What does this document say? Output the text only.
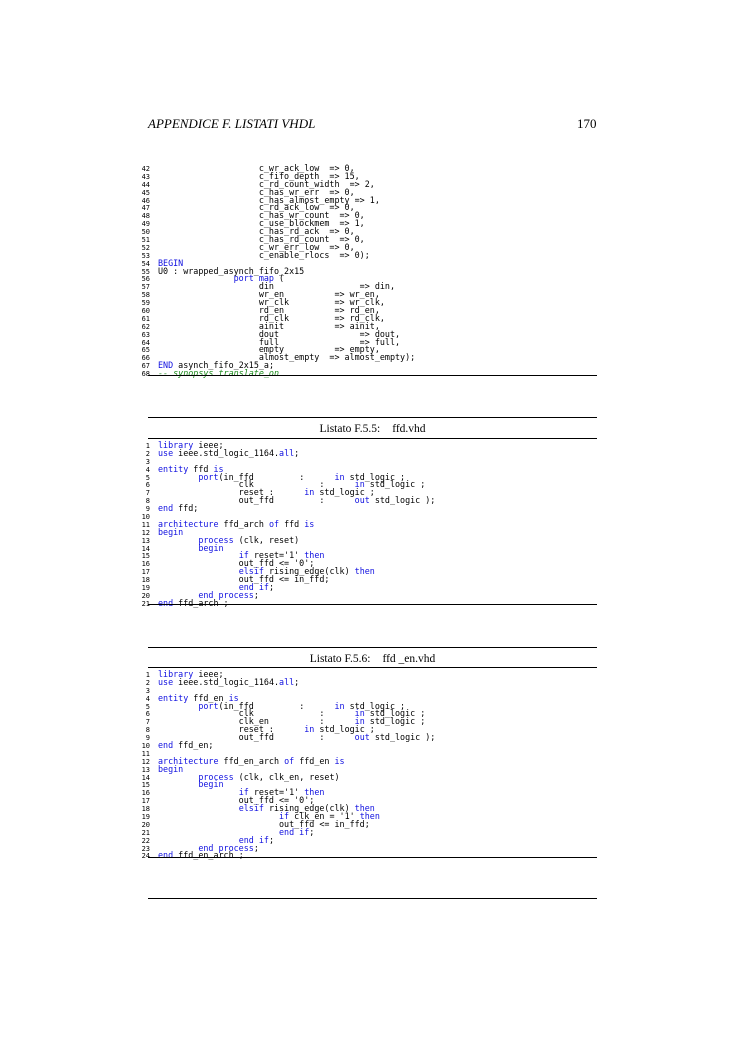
APPENDICE F. LISTATI VHDL	170
42                    c_wr_ack_low  => 0,
43                    c_fifo_depth  => 15,
44                    c_rd_count_width  => 2,
45                    c_has_wr_err  => 0,
46                    c_has_almost_empty => 1,
47                    c_rd_ack_low  => 0,
48                    c_has_wr_count  => 0,
49                    c_use_blockmem  => 1,
50                    c_has_rd_ack  => 0,
51                    c_has_rd_count  => 0,
52                    c_wr_err_low  => 0,
53                    c_enable_rlocs  => 0);
54 BEGIN
55 U0 : wrapped_asynch_fifo_2x15
56	port map (
57                    din                 => din,
58                    wr_en          => wr_en,
59                    wr_clk         => wr_clk,
60                    rd_en          => rd_en,
61                    rd_clk         => rd_clk,
62                    ainit          => ainit,
63                    dout                => dout,
64                    full                => full,
65                    empty          => empty,
66                    almost_empty  => almost_empty);
67 END asynch_fifo_2x15_a;
68 -- synopsys translate_on
Listato F.5.5: ffd.vhd
1 library ieee;
2 use ieee.std_logic_1164.all;
3
4 entity ffd is
5	port(in_ffd         :      in std_logic ;
6                clk             :      in std_logic ;
7                reset :      in std_logic ;
8                out_ffd         :      out std_logic );
9 end ffd;
10
11 architecture ffd_arch of ffd is
12 begin
13	process (clk, reset)
14	begin
15	if reset='1' then
16                out_ffd <= '0';
17	elsif rising_edge(clk) then
18                out_ffd <= in_ffd;
19	end if;
20	end process;
21 end ffd_arch ;
Listato F.5.6: ffd _en.vhd
1 library ieee;
2 use ieee.std_logic_1164.all;
3
4 entity ffd_en is
5	port(in_ffd         :      in std_logic ;
6                clk             :      in std_logic ;
7                clk_en          :      in std_logic ;
8                reset :      in std_logic ;
9                out_ffd         :      out std_logic );
10 end ffd_en;
11
12 architecture ffd_en_arch of ffd_en is
13 begin
14	process (clk, clk_en, reset)
15	begin
16	if reset='1' then
17                out_ffd <= '0';
18	elsif rising_edge(clk) then
19	if clk_en = '1' then
20                        out_ffd <= in_ffd;
21	end if;
22	end if;
23	end process;
24 end ffd_en_arch ;
